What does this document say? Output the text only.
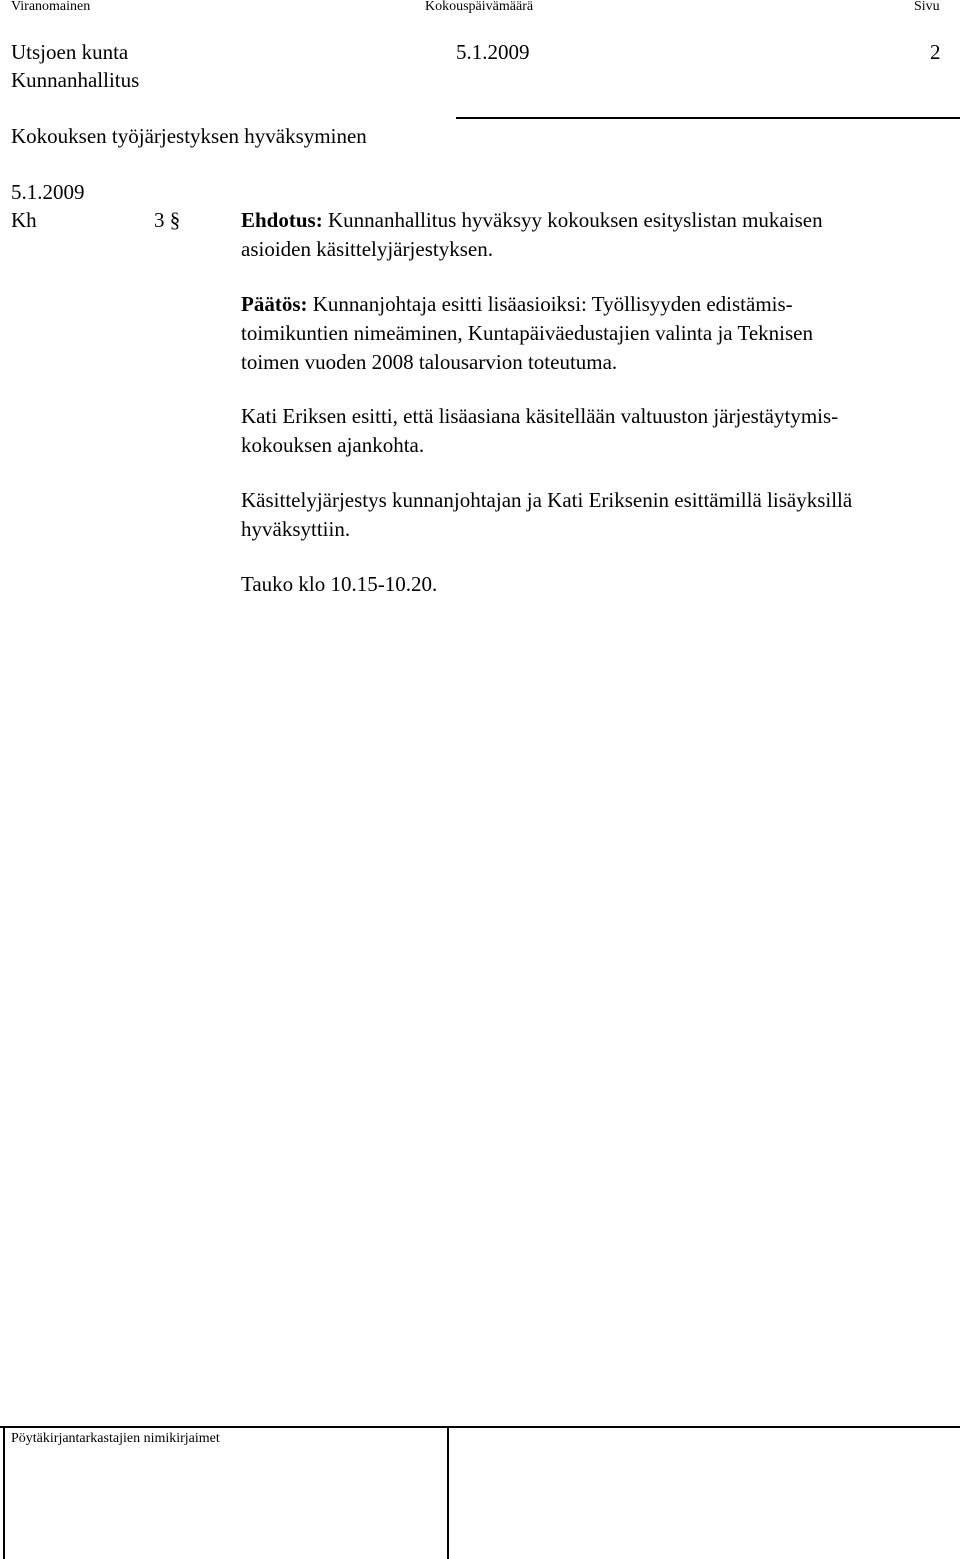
Viranomainen	Kokouspäivämäärä	Sivu
Utsjoen kunta
Kunnanhallitus
5.1.2009	2
Kokouksen työjärjestyksen hyväksyminen
5.1.2009
Kh	3 §	Ehdotus: Kunnanhallitus hyväksyy kokouksen esityslistan mukaisen

asioiden käsittelyjärjestyksen.

Päätös: Kunnanjohtaja esitti lisäasioiksi: Työllisyyden edistämis-

toimikuntien nimeäminen, Kuntapäiväedustajien valinta ja Teknisen

toimen vuoden 2008 talousarvion toteutuma.

Kati Eriksen esitti, että lisäasiana käsitellään valtuuston järjestäytymis-

kokouksen ajankohta.

Käsittelyjärjestys kunnanjohtajan ja Kati Eriksenin esittämillä lisäyksillä

hyväksyttiin.

Tauko klo 10.15-10.20.

Pöytäkirjantarkastajien nimikirjaimet
